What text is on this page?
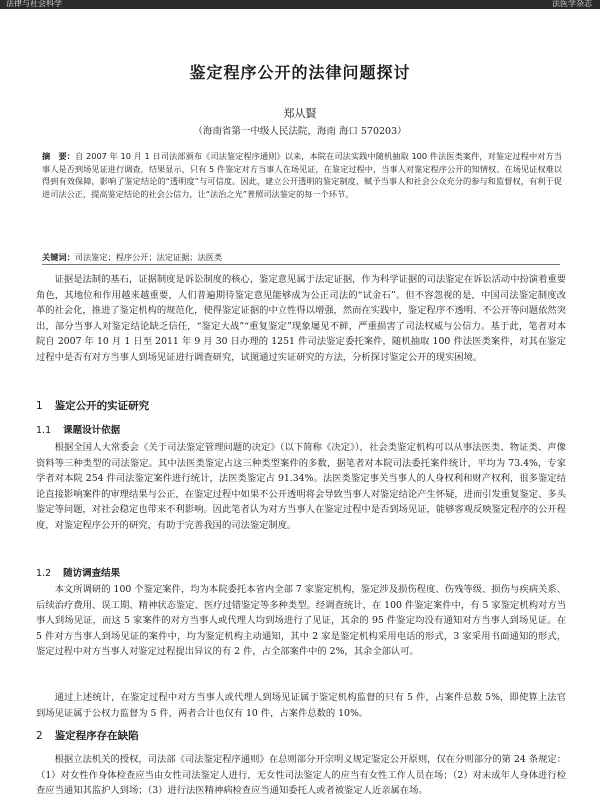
法律与社会科学	法医学杂志
鉴定程序公开的法律问题探讨
郑从賢
（海南省第一中级人民法院，海南 海口 570203）
摘　要：自 2007 年 10 月 1 日司法部颁布《司法鉴定程序通则》以来，本院在司法实践中随机抽取 100 件法医类案件，对鉴定过程中对方当事人是否到场见证进行调查，结果显示，只有 5 件鉴定对方当事人在场见证，在鉴定过程中，当事人对鉴定程序公开的知情权、在场见证权难以得到有效保障，影响了鉴定结论的“透明度”与可信度。因此，建立公开透明的鉴定制度，赋予当事人和社会公众充分的参与和监督权，有利于促进司法公正，提高鉴定结论的社会公信力，让“法治之光”普照司法鉴定的每一个环节。
关键词：司法鉴定；程序公开；法定证据；法医类

证据是法制的基石，证据制度是诉讼制度的核心，鉴定意见属于法定证据，作为科学证据的司法鉴定在诉讼活动中扮演着重要角色，其地位和作用越来越重要，人们普遍期待鉴定意见能够成为公正司法的“试金石”。但不容忽视的是，中国司法鉴定制度改革的社会化，推进了鉴定机构的规范化，使得鉴定证据的中立性得以增强，然而在实践中，鉴定程序不透明、不公开等问题依然突出，部分当事人对鉴定结论缺乏信任，“鉴定大战”“重复鉴定”现象屡见不鲜，严重损害了司法权威与公信力。基于此，笔者对本院自 2007 年 10 月 1 日至 2011 年 9 月 30 日办理的 1251 件司法鉴定委托案件，随机抽取 100 件法医类案件，对其在鉴定过程中是否有对方当事人到场见证进行调查研究，试图通过实证研究的方法，分析探讨鉴定公开的现实困境。

1 鉴定公开的实证研究
1.1 课题设计依据

根据全国人大常委会《关于司法鉴定管理问题的决定》（以下简称《决定》），社会类鉴定机构可以从事法医类、物证类、声像资料等三种类型的司法鉴定。其中法医类鉴定占这三种类型案件的多数，据笔者对本院司法委托案件统计，平均为 73.4%，专家学者对本院 254 件司法鉴定案件进行统计，法医类鉴定占 91.34%。法医类鉴定事关当事人的人身权利和财产权利，很多鉴定结论直接影响案件的审理结果与公正，在鉴定过程中如果不公开透明将会导致当事人对鉴定结论产生怀疑，进而引发重复鉴定、多头鉴定等问题，对社会稳定也带来不利影响。因此笔者认为对方当事人在鉴定过程中是否到场见证，能够客观反映鉴定程序的公开程度，对鉴定程序公开的研究，有助于完善我国的司法鉴定制度。

1.2 随访调查结果

本文所调研的 100 个鉴定案件，均为本院委托本省内全部 7 家鉴定机构，鉴定涉及损伤程度、伤残等级、损伤与疾病关系、后续治疗费用、误工期、精神状态鉴定、医疗过错鉴定等多种类型。经调查统计，在 100 件鉴定案件中，有 5 家鉴定机构对方当事人到场见证，而这 5 家案件的对方当事人或代理人均到场进行了见证，其余的 95 件鉴定均没有通知对方当事人到场见证。在 5 件对方当事人到场见证的案件中，均为鉴定机构主动通知，其中 2 家是鉴定机构采用电话的形式，3 家采用书面通知的形式，鉴定过程中对方当事人对鉴定过程提出异议的有 2 件，占全部案件中的 2%，其余全部认可。

通过上述统计，在鉴定过程中对方当事人或代理人到场见证属于鉴定机构监督的只有 5 件，占案件总数 5%，即使算上法官到场见证属于公权力监督为 5 件，两者合计也仅有 10 件，占案件总数的 10%。

2 鉴定程序存在缺陷

根据立法机关的授权，司法部《司法鉴定程序通则》在总则部分开宗明义规定鉴定公开原则，仅在分则部分的第 24 条规定：（1）对女性作身体检查应当由女性司法鉴定人进行，无女性司法鉴定人的应当有女性工作人员在场；（2）对未成年人身体进行检查应当通知其监护人到场；（3）进行法医精神病检查应当通知委托人或者被鉴定人近亲属在场。
